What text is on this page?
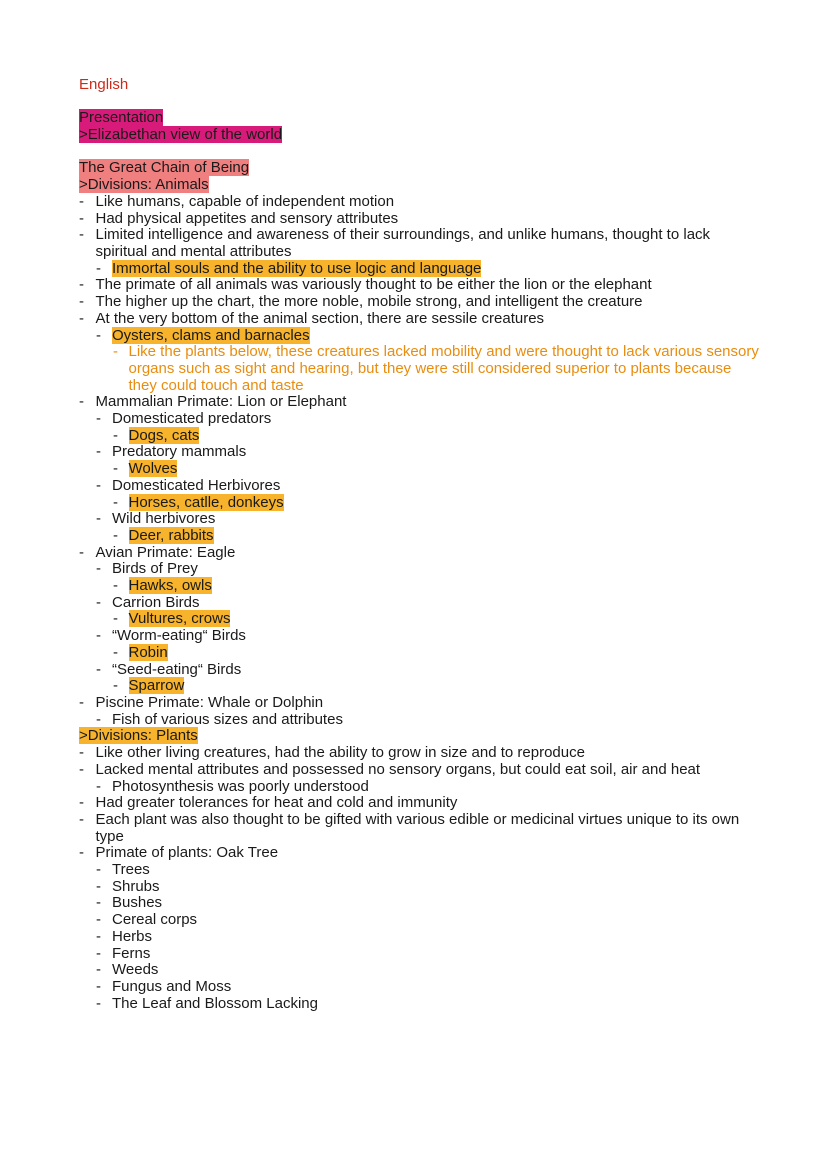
English
Presentation
>Elizabethan view of the world
The Great Chain of Being
>Divisions: Animals
- Like humans, capable of independent motion
- Had physical appetites and sensory attributes
- Limited intelligence and awareness of their surroundings, and unlike humans, thought to lack spiritual and mental attributes
- Immortal souls and the ability to use logic and language
- The primate of all animals was variously thought to be either the lion or the elephant
- The higher up the chart, the more noble, mobile strong, and intelligent the creature
- At the very bottom of the animal section, there are sessile creatures
- Oysters, clams and barnacles
- Like the plants below, these creatures lacked mobility and were thought to lack various sensory organs such as sight and hearing, but they were still considered superior to plants because they could touch and taste
- Mammalian Primate: Lion or Elephant
- Domesticated predators
- Dogs, cats
- Predatory mammals
- Wolves
- Domesticated Herbivores
- Horses, catlle, donkeys
- Wild herbivores
- Deer, rabbits
- Avian Primate: Eagle
- Birds of Prey
- Hawks, owls
- Carrion Birds
- Vultures, crows
- “Worm-eating“ Birds
- Robin
- “Seed-eating“ Birds
- Sparrow
- Piscine Primate: Whale or Dolphin
- Fish of various sizes and attributes
>Divisions: Plants
- Like other living creatures, had the ability to grow in size and to reproduce
- Lacked mental attributes and possessed no sensory organs, but could eat soil, air and heat
- Photosynthesis was poorly understood
- Had greater tolerances for heat and cold and immunity
- Each plant was also thought to be gifted with various edible or medicinal virtues unique to its own type
- Primate of plants: Oak Tree
- Trees
- Shrubs
- Bushes
- Cereal corps
- Herbs
- Ferns
- Weeds
- Fungus and Moss
- The Leaf and Blossom Lacking
